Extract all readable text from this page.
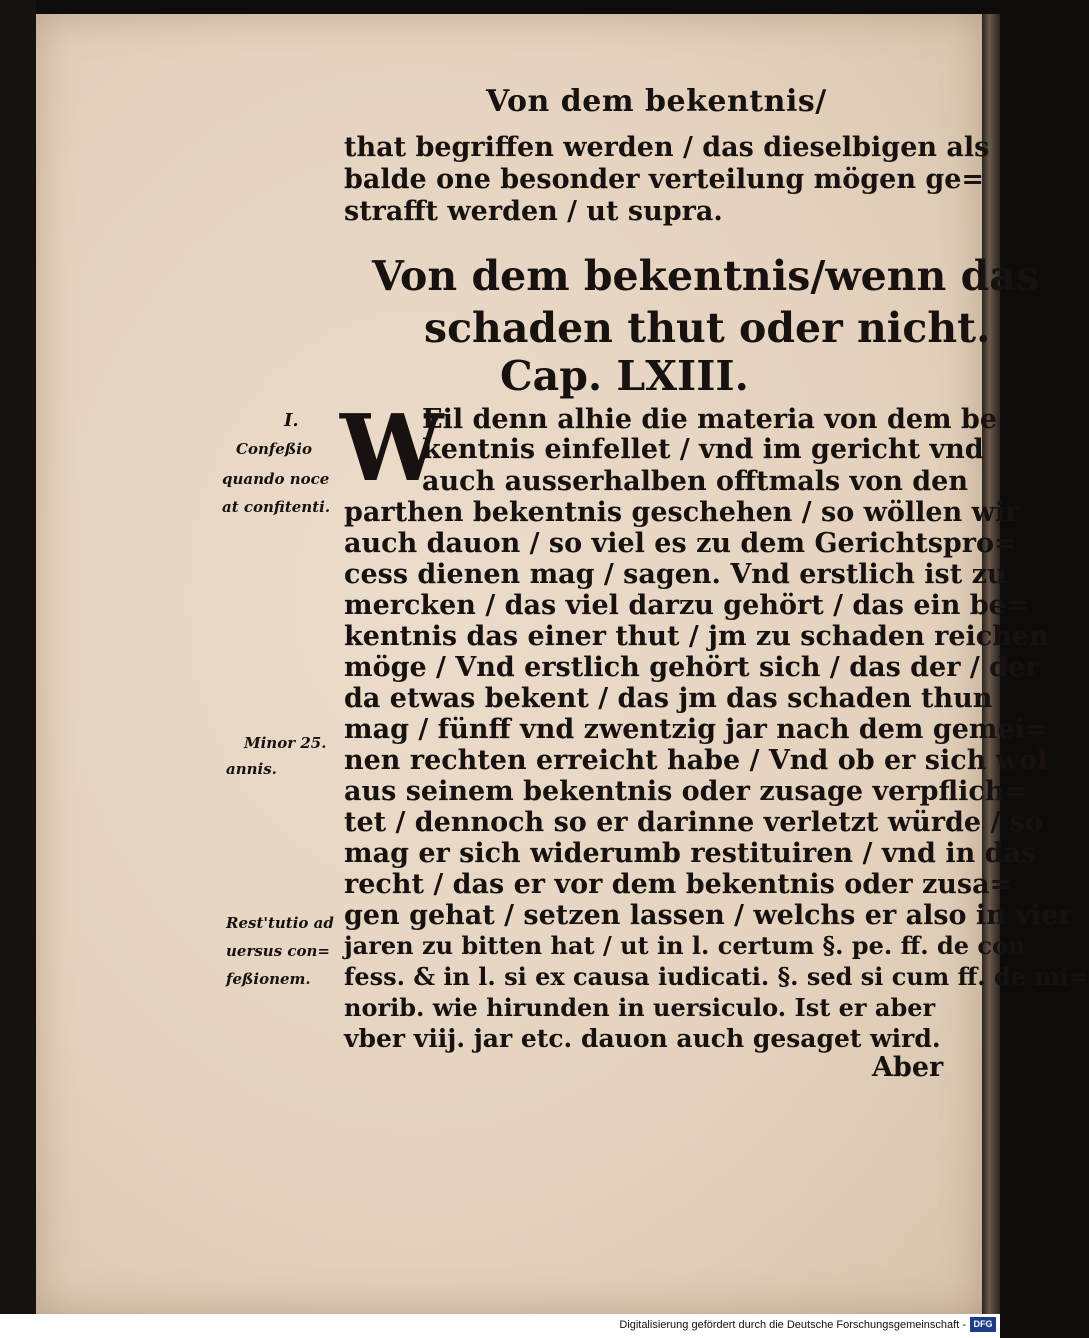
Von dem bekentnis/
that begriffen werden / das dieselbigen als
balde one besonder verteilung mögen ge=
strafft werden / ut supra.
Von dem bekentnis/wenn das
schaden thut oder nicht.
Cap. LXIII.
W
Eil denn alhie die materia von dem be
kentnis einfellet / vnd im gericht vnd
auch ausserhalben offtmals von den
parthen bekentnis geschehen / so wöllen wir
auch dauon / so viel es zu dem Gerichtspro=
cess dienen mag / sagen. Vnd erstlich ist zu
mercken / das viel darzu gehört / das ein be=
kentnis das einer thut / jm zu schaden reichen
möge / Vnd erstlich gehört sich / das der / der
da etwas bekent / das jm das schaden thun
mag / fünff vnd zwentzig jar nach dem gemei=
nen rechten erreicht habe / Vnd ob er sich wol
aus seinem bekentnis oder zusage verpflich=
tet / dennoch so er darinne verletzt würde / so
mag er sich widerumb restituiren / vnd in das
recht / das er vor dem bekentnis oder zusa=
gen gehat / setzen lassen / welchs er also in vier
jaren zu bitten hat / ut in l. certum §. pe. ff. de con
fess. & in l. si ex causa iudicati. §. sed si cum ff. de mi=
norib. wie hirunden in uersiculo. Ist er aber
vber viij. jar etc. dauon auch gesaget wird.
Aber
I.
Confeßio
quando noce
at confitenti.
Minor 25.
annis.
Rest'tutio ad
uersus con=
feßionem.
Digitalisierung gefördert durch die Deutsche Forschungsgemeinschaft - DFG
